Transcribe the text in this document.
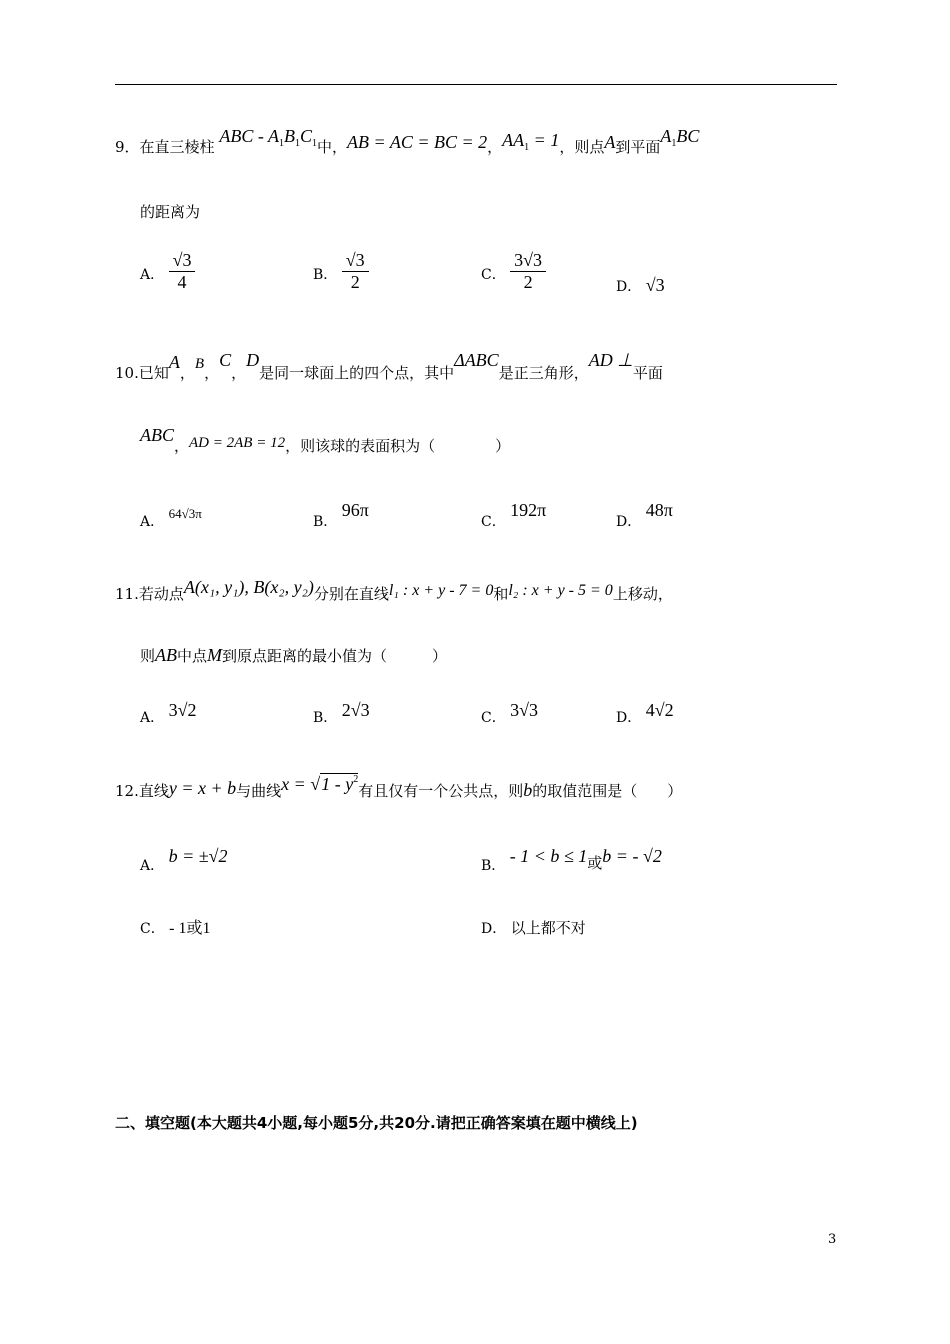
9．在直三棱柱 ABC - $A_1B_1C_1$中，AB = AC = BC = 2，$AA_1 = 1$，则点A到平面$A_1BC$
的距离为
A． $\frac{√3}{4}$	B． $\frac{√3}{2}$	C． $\frac{3√3}{2}$	D． √3
10.已知A，B，C，D是同一球面上的四个点，其中ΔABC是正三角形，AD ⊥平面
ABC，AD = 2AB = 12，则该球的表面积为（　　　　）
A． 64√3π
B． 96π
C． 192π
D． 48π
11.若动点A(x₁, y₁), B(x₂, y₂)分别在直线l₁ : x + y - 7 = 0和l₂ : x + y - 5 = 0上移动，
则AB中点M到原点距离的最小值为（　　　）
A． 3√2	B． 2√3	C． 3√3	D． 4√2
12.直线y = x + b与曲线$x = √1 - y^2$有且仅有一个公共点，则b的取值范围是（　　）
A． b = ±√2	B． - 1 < b ≤ 1或b = - √2
C． - 1或1	D． 以上都不对
二、填空题(本大题共4小题,每小题5分,共20分.请把正确答案填在题中横线上)
3
